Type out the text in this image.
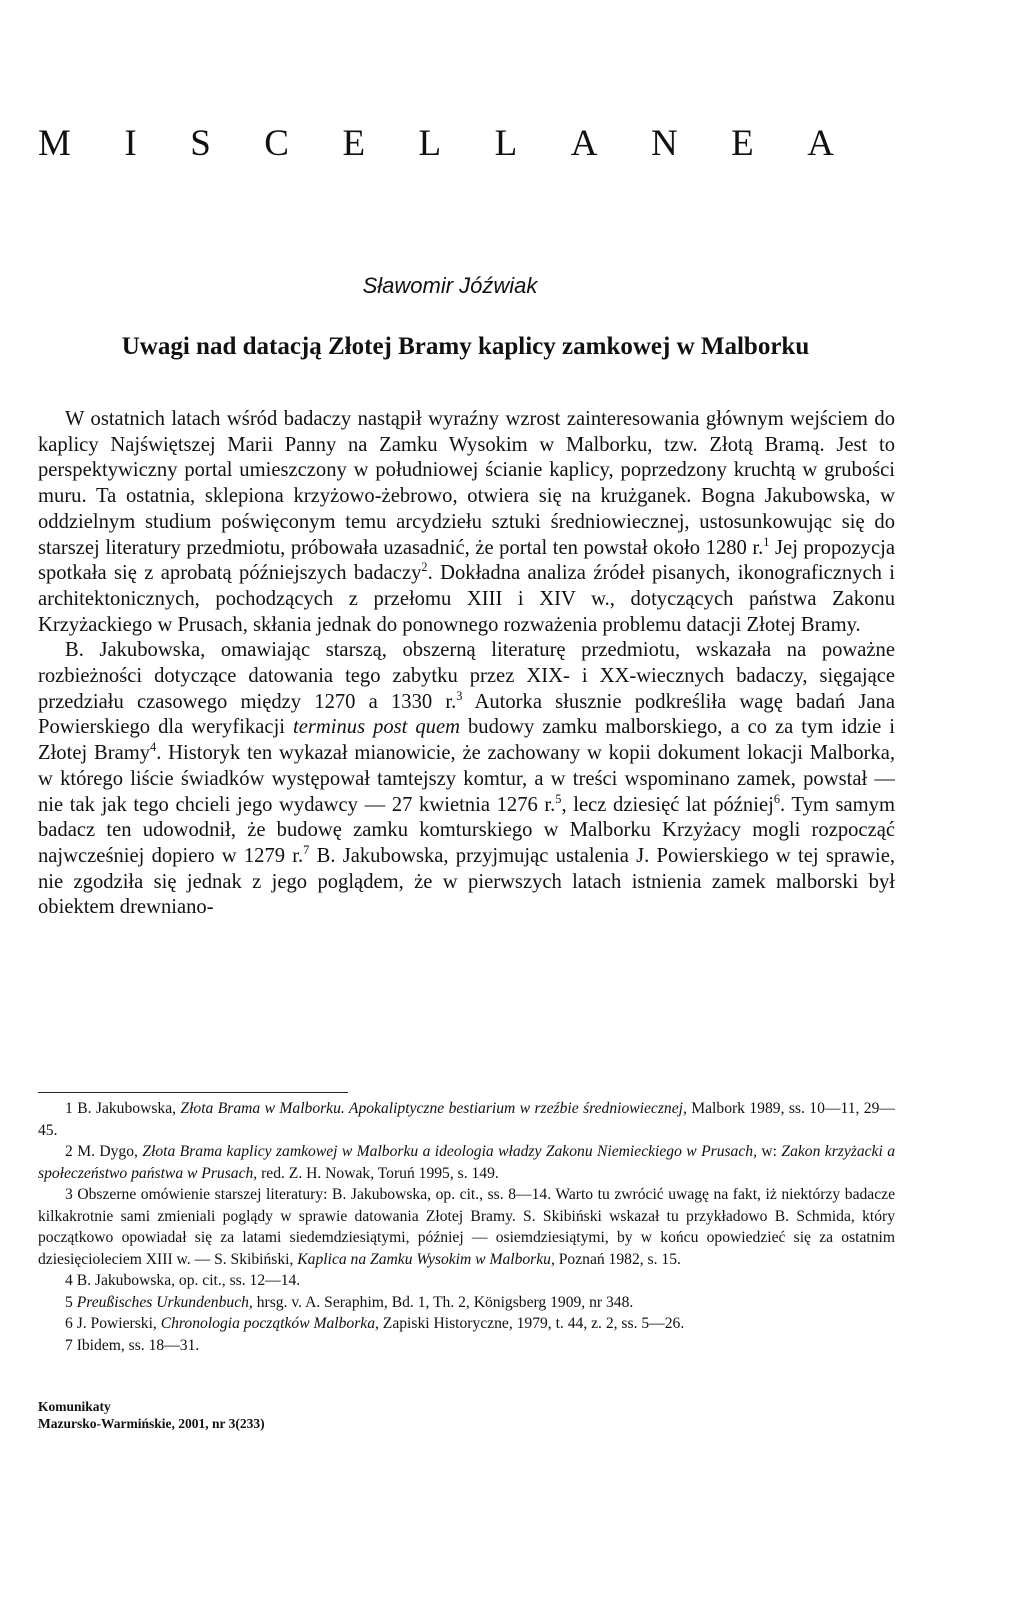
M I S C E L L A N E A
Sławomir Jóźwiak
Uwagi nad datacją Złotej Bramy kaplicy zamkowej w Malborku

W ostatnich latach wśród badaczy nastąpił wyraźny wzrost zainteresowania głównym wejściem do kaplicy Najświętszej Marii Panny na Zamku Wysokim w Malborku, tzw. Złotą Bramą. Jest to perspektywiczny portal umieszczony w południowej ścianie kaplicy, poprzedzony kruchtą w grubości muru. Ta ostatnia, sklepiona krzyżowo-żebrowo, otwiera się na krużganek. Bogna Jakubowska, w oddzielnym studium poświęconym temu arcydziełu sztuki średniowiecznej, ustosunkowując się do starszej literatury przedmiotu, próbowała uzasadnić, że portal ten powstał około 1280 r.$^1$ Jej propozycja spotkała się z aprobatą późniejszych badaczy$^2$. Dokładna analiza źródeł pisanych, ikonograficznych i architektonicznych, pochodzących z przełomu XIII i XIV w., dotyczących państwa Zakonu Krzyżackiego w Prusach, skłania jednak do ponownego rozważenia problemu datacji Złotej Bramy.

B. Jakubowska, omawiając starszą, obszerną literaturę przedmiotu, wskazała na poważne rozbieżności dotyczące datowania tego zabytku przez XIX- i XX-wiecznych badaczy, sięgające przedziału czasowego między 1270 a 1330 r.$^3$ Autorka słusznie podkreśliła wagę badań Jana Powierskiego dla weryfikacji terminus post quem budowy zamku malborskiego, a co za tym idzie i Złotej Bramy$^4$. Historyk ten wykazał mianowicie, że zachowany w kopii dokument lokacji Malborka, w którego liście świadków występował tamtejszy komtur, a w treści wspominano zamek, powstał — nie tak jak tego chcieli jego wydawcy — 27 kwietnia 1276 r.$^5$, lecz dziesięć lat później$^6$. Tym samym badacz ten udowodnił, że budowę zamku komturskiego w Malborku Krzyżacy mogli rozpocząć najwcześniej dopiero w 1279 r.$^7$ B. Jakubowska, przyjmując ustalenia J. Powierskiego w tej sprawie, nie zgodziła się jednak z jego poglądem, że w pierwszych latach istnienia zamek malborski był obiektem drewniano-

1 B. Jakubowska, Złota Brama w Malborku. Apokaliptyczne bestiarium w rzeźbie średniowiecznej, Malbork 1989, ss. 10—11, 29—45.

2 M. Dygo, Złota Brama kaplicy zamkowej w Malborku a ideologia władzy Zakonu Niemieckiego w Prusach, w: Zakon krzyżacki a społeczeństwo państwa w Prusach, red. Z. H. Nowak, Toruń 1995, s. 149.

3 Obszerne omówienie starszej literatury: B. Jakubowska, op. cit., ss. 8—14. Warto tu zwrócić uwagę na fakt, iż niektórzy badacze kilkakrotnie sami zmieniali poglądy w sprawie datowania Złotej Bramy. S. Skibiński wskazał tu przykładowo B. Schmida, który początkowo opowiadał się za latami siedemdziesiątymi, później — osiemdziesiątymi, by w końcu opowiedzieć się za ostatnim dziesięcioleciem XIII w. — S. Skibiński, Kaplica na Zamku Wysokim w Malborku, Poznań 1982, s. 15.

4 B. Jakubowska, op. cit., ss. 12—14.

5 Preußisches Urkundenbuch, hrsg. v. A. Seraphim, Bd. 1, Th. 2, Königsberg 1909, nr 348.

6 J. Powierski, Chronologia początków Malborka, Zapiski Historyczne, 1979, t. 44, z. 2, ss. 5—26.

7 Ibidem, ss. 18—31.

Komunikaty
Mazursko-Warmińskie, 2001, nr 3(233)
